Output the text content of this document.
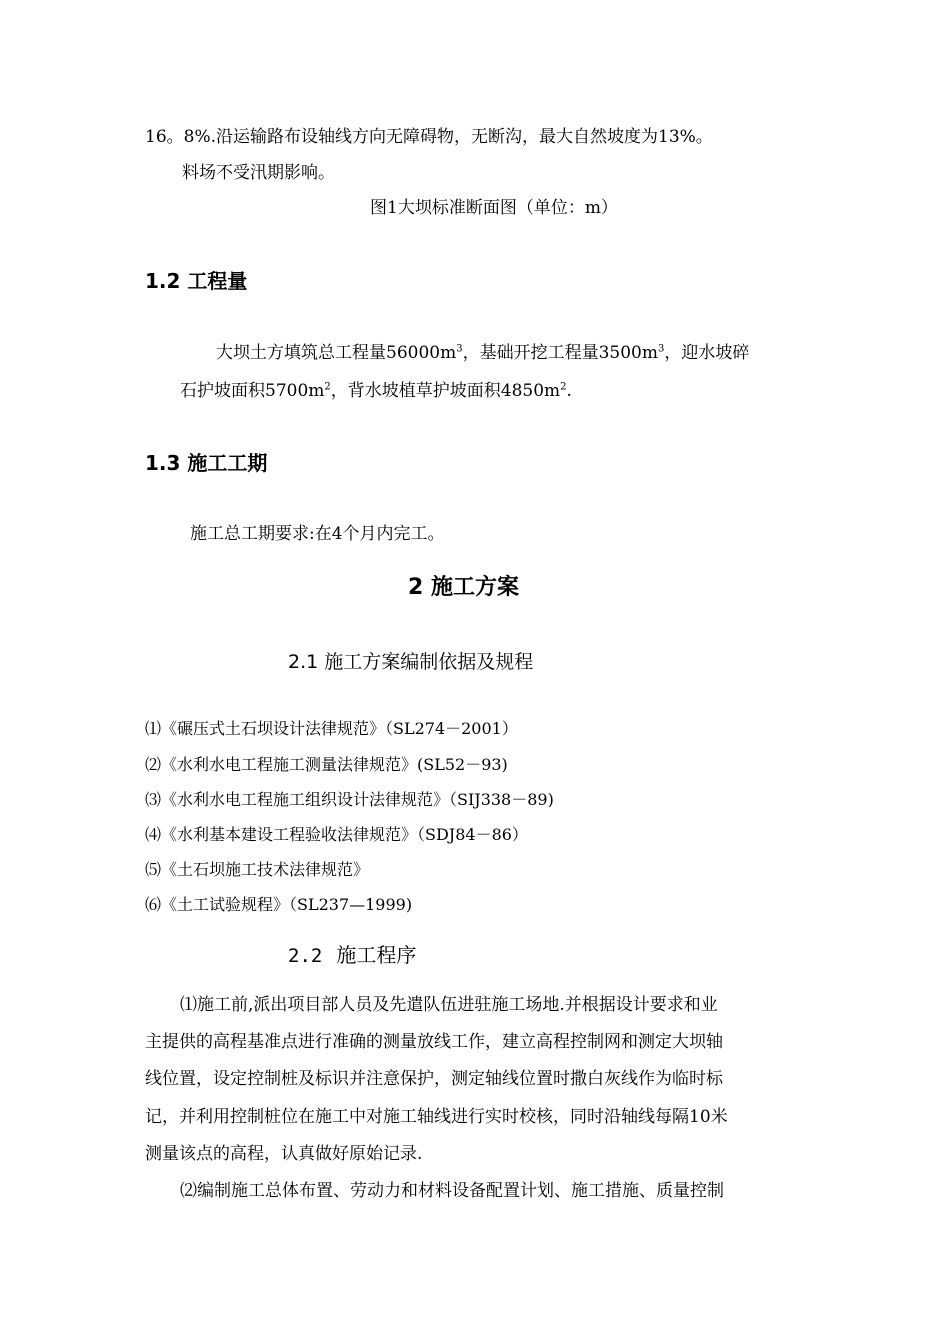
16。8%.沿运输路布设轴线方向无障碍物，无断沟，最大自然坡度为13%。
料场不受汛期影响。
图1大坝标准断面图（单位：m）
1.2 工程量
大坝土方填筑总工程量$56000m^3$，基础开挖工程量$3500m^3$，迎水坡碎
石护坡面积$5700m^2$，背水坡植草护坡面积$4850m^2$.
1.3 施工工期
施工总工期要求:在4个月内完工。
2 施工方案
2.1 施工方案编制依据及规程
⑴《碾压式土石坝设计法律规范》（SL274－2001）
⑵《水利水电工程施工测量法律规范》(SL52－93)
⑶《水利水电工程施工组织设计法律规范》（SIJ338－89)
⑷《水利基本建设工程验收法律规范》（SDJ84－86）
⑸《土石坝施工技术法律规范》
⑹《土工试验规程》（SL237—1999)
2.2 施工程序
⑴施工前,派出项目部人员及先遣队伍进驻施工场地.并根据设计要求和业
主提供的高程基准点进行准确的测量放线工作，建立高程控制网和测定大坝轴
线位置，设定控制桩及标识并注意保护，测定轴线位置时撒白灰线作为临时标
记，并利用控制桩位在施工中对施工轴线进行实时校核，同时沿轴线每隔10米
测量该点的高程，认真做好原始记录.
⑵编制施工总体布置、劳动力和材料设备配置计划、施工措施、质量控制
